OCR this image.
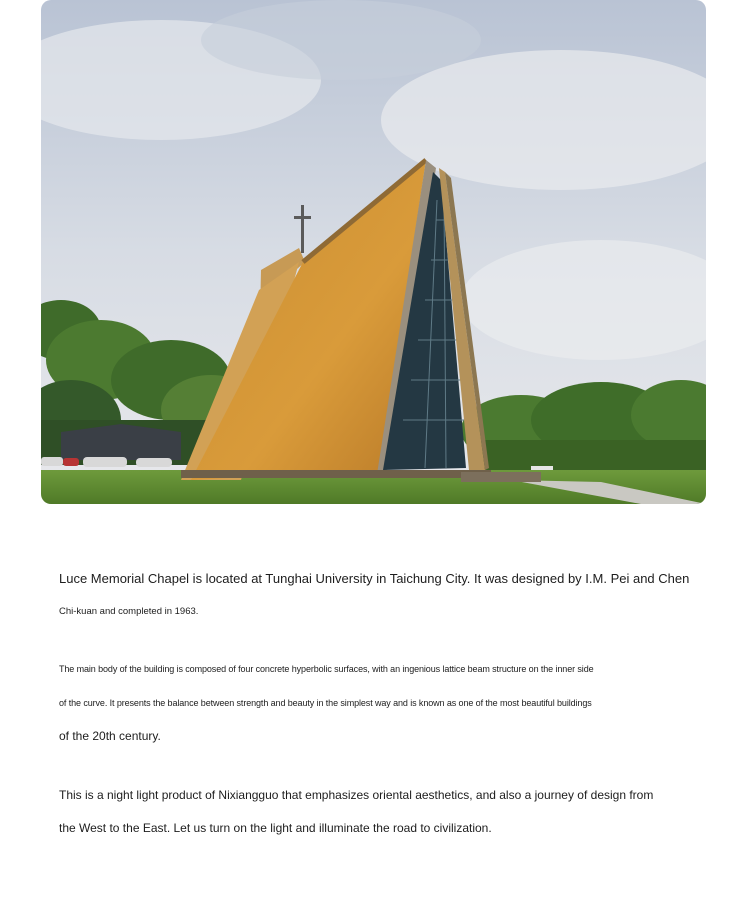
Luce Memorial Chapel is located at Tunghai University in Taichung City. It was designed by I.M. Pei and Chen

Chi-kuan and completed in 1963.

The main body of the building is composed of four concrete hyperbolic surfaces, with an ingenious lattice beam structure on the inner side

of the curve. It presents the balance between strength and beauty in the simplest way and is known as one of the most beautiful buildings

of the 20th century.

This is a night light product of Nixiangguo that emphasizes oriental aesthetics, and also a journey of design from

the West to the East. Let us turn on the light and illuminate the road to civilization.
